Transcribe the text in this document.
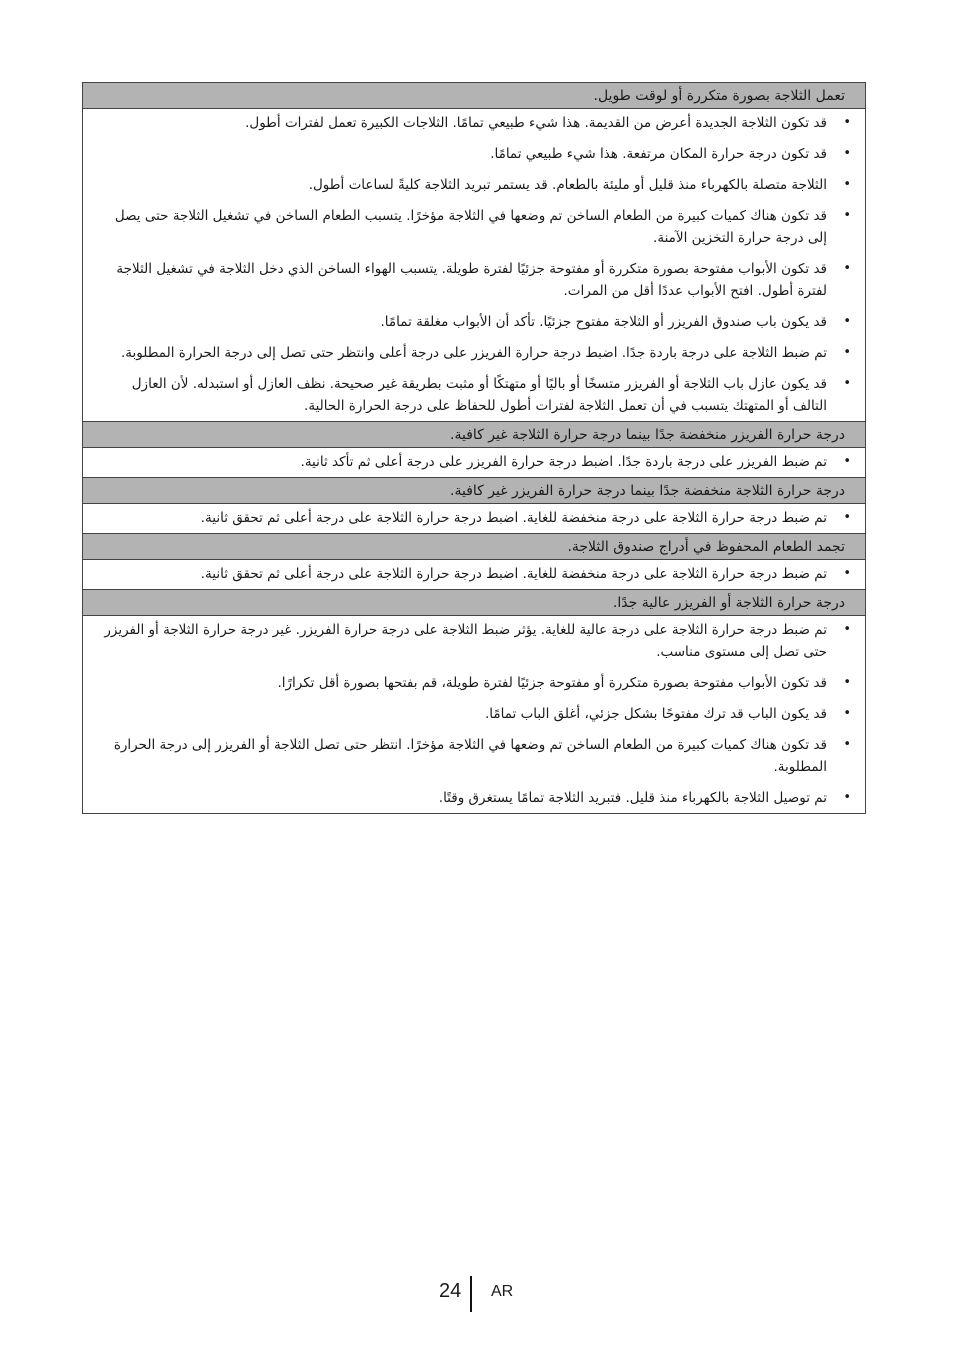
تعمل الثلاجة بصورة متكررة أو لوقت طويل.
•
قد تكون الثلاجة الجديدة أعرض من القديمة. هذا شيء طبيعي تمامًا. الثلاجات الكبيرة تعمل لفترات أطول.
•
قد تكون درجة حرارة المكان مرتفعة. هذا شيء طبيعي تمامًا.
•
الثلاجة متصلة بالكهرباء منذ قليل أو مليئة بالطعام. قد يستمر تبريد الثلاجة كليةً لساعات أطول.
•
قد تكون هناك كميات كبيرة من الطعام الساخن تم وضعها في الثلاجة مؤخرًا. يتسبب الطعام الساخن في تشغيل الثلاجة حتى يصل إلى درجة حرارة التخزين الآمنة.
•
قد تكون الأبواب مفتوحة بصورة متكررة أو مفتوحة جزئيًا لفترة طويلة. يتسبب الهواء الساخن الذي دخل الثلاجة في تشغيل الثلاجة لفترة أطول. افتح الأبواب عددًا أقل من المرات.
•
قد يكون باب صندوق الفريزر أو الثلاجة مفتوح جزئيًا. تأكد أن الأبواب مغلقة تمامًا.
•
تم ضبط الثلاجة على درجة باردة جدًا. اضبط درجة حرارة الفريزر على درجة أعلى وانتظر حتى تصل إلى درجة الحرارة المطلوبة.
•
قد يكون عازل باب الثلاجة أو الفريزر متسخًا أو باليًا أو متهتكًا أو مثبت بطريقة غير صحيحة. نظف العازل أو استبدله. لأن العازل التالف أو المتهتك يتسبب في أن تعمل الثلاجة لفترات أطول للحفاظ على درجة الحرارة الحالية.
درجة حرارة الفريزر منخفضة جدًا بينما درجة حرارة الثلاجة غير كافية.
•
تم ضبط الفريزر على درجة باردة جدًا. اضبط درجة حرارة الفريزر على درجة أعلى ثم تأكد ثانية.
درجة حرارة الثلاجة منخفضة جدًا بينما درجة حرارة الفريزر غير كافية.
•
تم ضبط درجة حرارة الثلاجة على درجة منخفضة للغاية. اضبط درجة حرارة الثلاجة على درجة أعلى ثم تحقق ثانية.
تجمد الطعام المحفوظ في أدراج صندوق الثلاجة.
•
تم ضبط درجة حرارة الثلاجة على درجة منخفضة للغاية. اضبط درجة حرارة الثلاجة على درجة أعلى ثم تحقق ثانية.
درجة حرارة الثلاجة أو الفريزر عالية جدًا.
•
تم ضبط درجة حرارة الثلاجة على درجة عالية للغاية. يؤثر ضبط الثلاجة على درجة حرارة الفريزر. غير درجة حرارة الثلاجة أو الفريزر حتى تصل إلى مستوى مناسب.
•
قد تكون الأبواب مفتوحة بصورة متكررة أو مفتوحة جزئيًا لفترة طويلة، قم بفتحها بصورة أقل تكرارًا.
•
قد يكون الباب قد ترك مفتوحًا بشكل جزئي، أغلق الباب تمامًا.
•
قد تكون هناك كميات كبيرة من الطعام الساخن تم وضعها في الثلاجة مؤخرًا. انتظر حتى تصل الثلاجة أو الفريزر إلى درجة الحرارة المطلوبة.
•
تم توصيل الثلاجة بالكهرباء منذ قليل. فتبريد الثلاجة تمامًا يستغرق وقتًا.
24 AR
